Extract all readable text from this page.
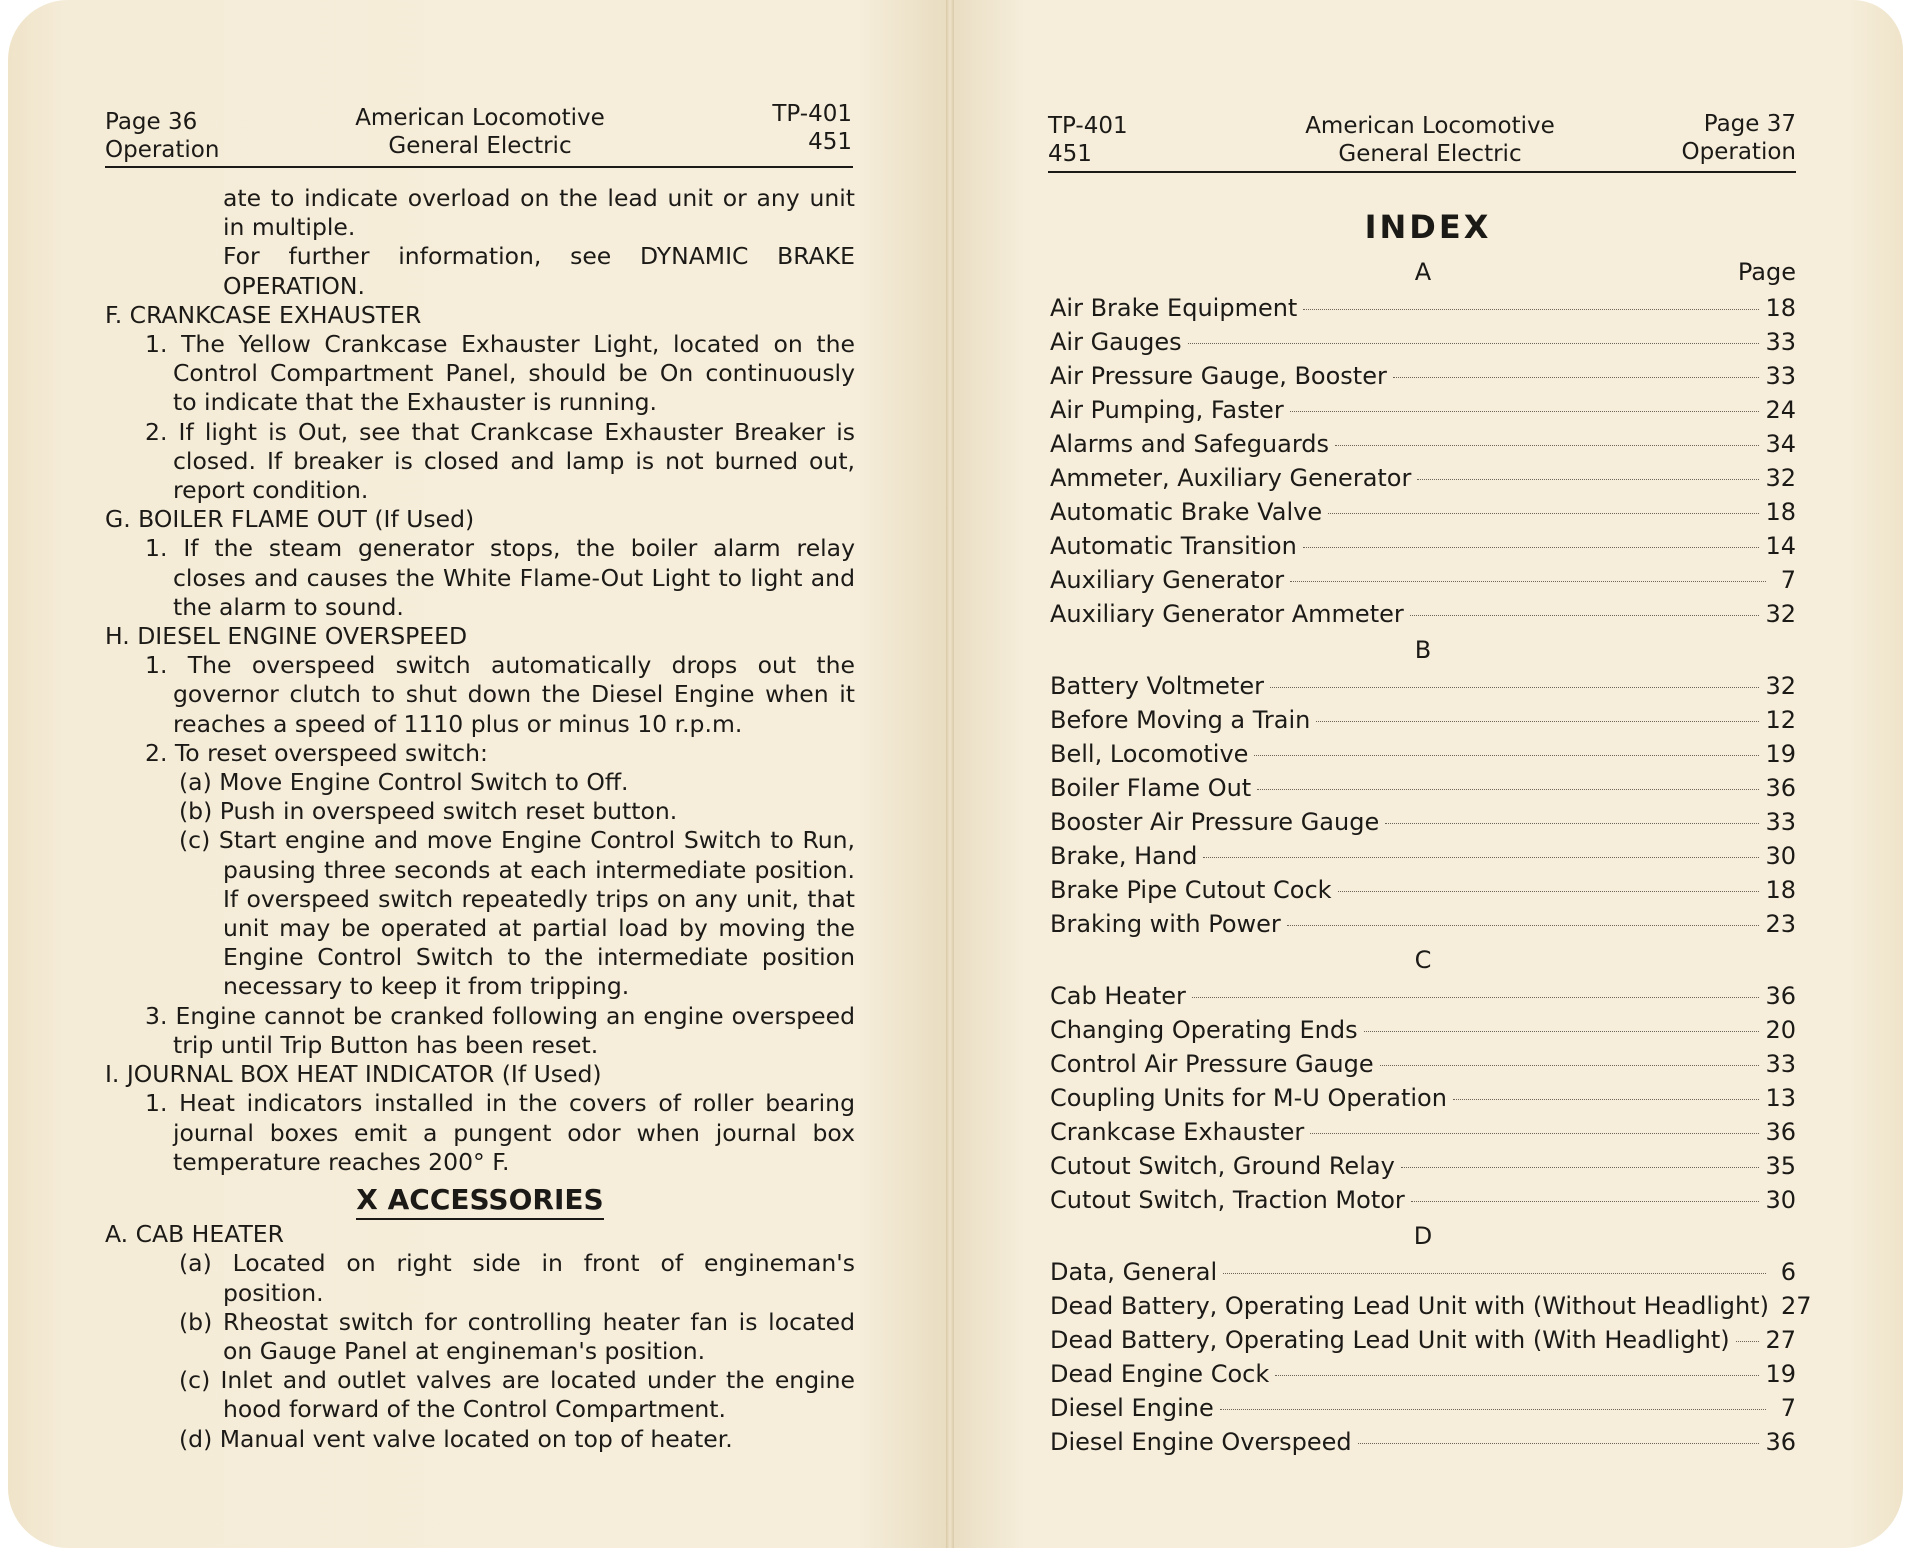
Page 36
Operation
American Locomotive
General Electric
TP-401
451

ate to indicate overload on the lead unit or any unit in multiple.

For further information, see DYNAMIC BRAKE OPERATION.

F. CRANKCASE EXHAUSTER

1. The Yellow Crankcase Exhauster Light, located on the Control Compartment Panel, should be On continuously to indicate that the Exhauster is running.

2. If light is Out, see that Crankcase Exhauster Breaker is closed. If breaker is closed and lamp is not burned out, report condition.

G. BOILER FLAME OUT (If Used)

1. If the steam generator stops, the boiler alarm relay closes and causes the White Flame-Out Light to light and the alarm to sound.

H. DIESEL ENGINE OVERSPEED

1. The overspeed switch automatically drops out the governor clutch to shut down the Diesel Engine when it reaches a speed of 1110 plus or minus 10 r.p.m.

2. To reset overspeed switch:

(a) Move Engine Control Switch to Off.

(b) Push in overspeed switch reset button.

(c) Start engine and move Engine Control Switch to Run, pausing three seconds at each intermediate position. If overspeed switch repeatedly trips on any unit, that unit may be operated at partial load by moving the Engine Control Switch to the intermediate position necessary to keep it from tripping.

3. Engine cannot be cranked following an engine overspeed trip until Trip Button has been reset.

I. JOURNAL BOX HEAT INDICATOR (If Used)

1. Heat indicators installed in the covers of roller bearing journal boxes emit a pungent odor when journal box temperature reaches 200° F.

X ACCESSORIES

A. CAB HEATER

(a) Located on right side in front of engineman's position.

(b) Rheostat switch for controlling heater fan is located on Gauge Panel at engineman's position.

(c) Inlet and outlet valves are located under the engine hood forward of the Control Compartment.

(d) Manual vent valve located on top of heater.

TP-401
451
American Locomotive
General Electric
Page 37
Operation
INDEX
A	Page
Air Brake Equipment	18
Air Gauges	33
Air Pressure Gauge, Booster	33
Air Pumping, Faster	24
Alarms and Safeguards	34
Ammeter, Auxiliary Generator	32
Automatic Brake Valve	18
Automatic Transition	14
Auxiliary Generator	7
Auxiliary Generator Ammeter	32
B
Battery Voltmeter	32
Before Moving a Train	12
Bell, Locomotive	19
Boiler Flame Out	36
Booster Air Pressure Gauge	33
Brake, Hand	30
Brake Pipe Cutout Cock	18
Braking with Power	23
C
Cab Heater	36
Changing Operating Ends	20
Control Air Pressure Gauge	33
Coupling Units for M-U Operation	13
Crankcase Exhauster	36
Cutout Switch, Ground Relay	35
Cutout Switch, Traction Motor	30
D
Data, General	6
Dead Battery, Operating Lead Unit with (Without Headlight) 27
Dead Battery, Operating Lead Unit with (With Headlight) 27
Dead Engine Cock	19
Diesel Engine	7
Diesel Engine Overspeed	36
